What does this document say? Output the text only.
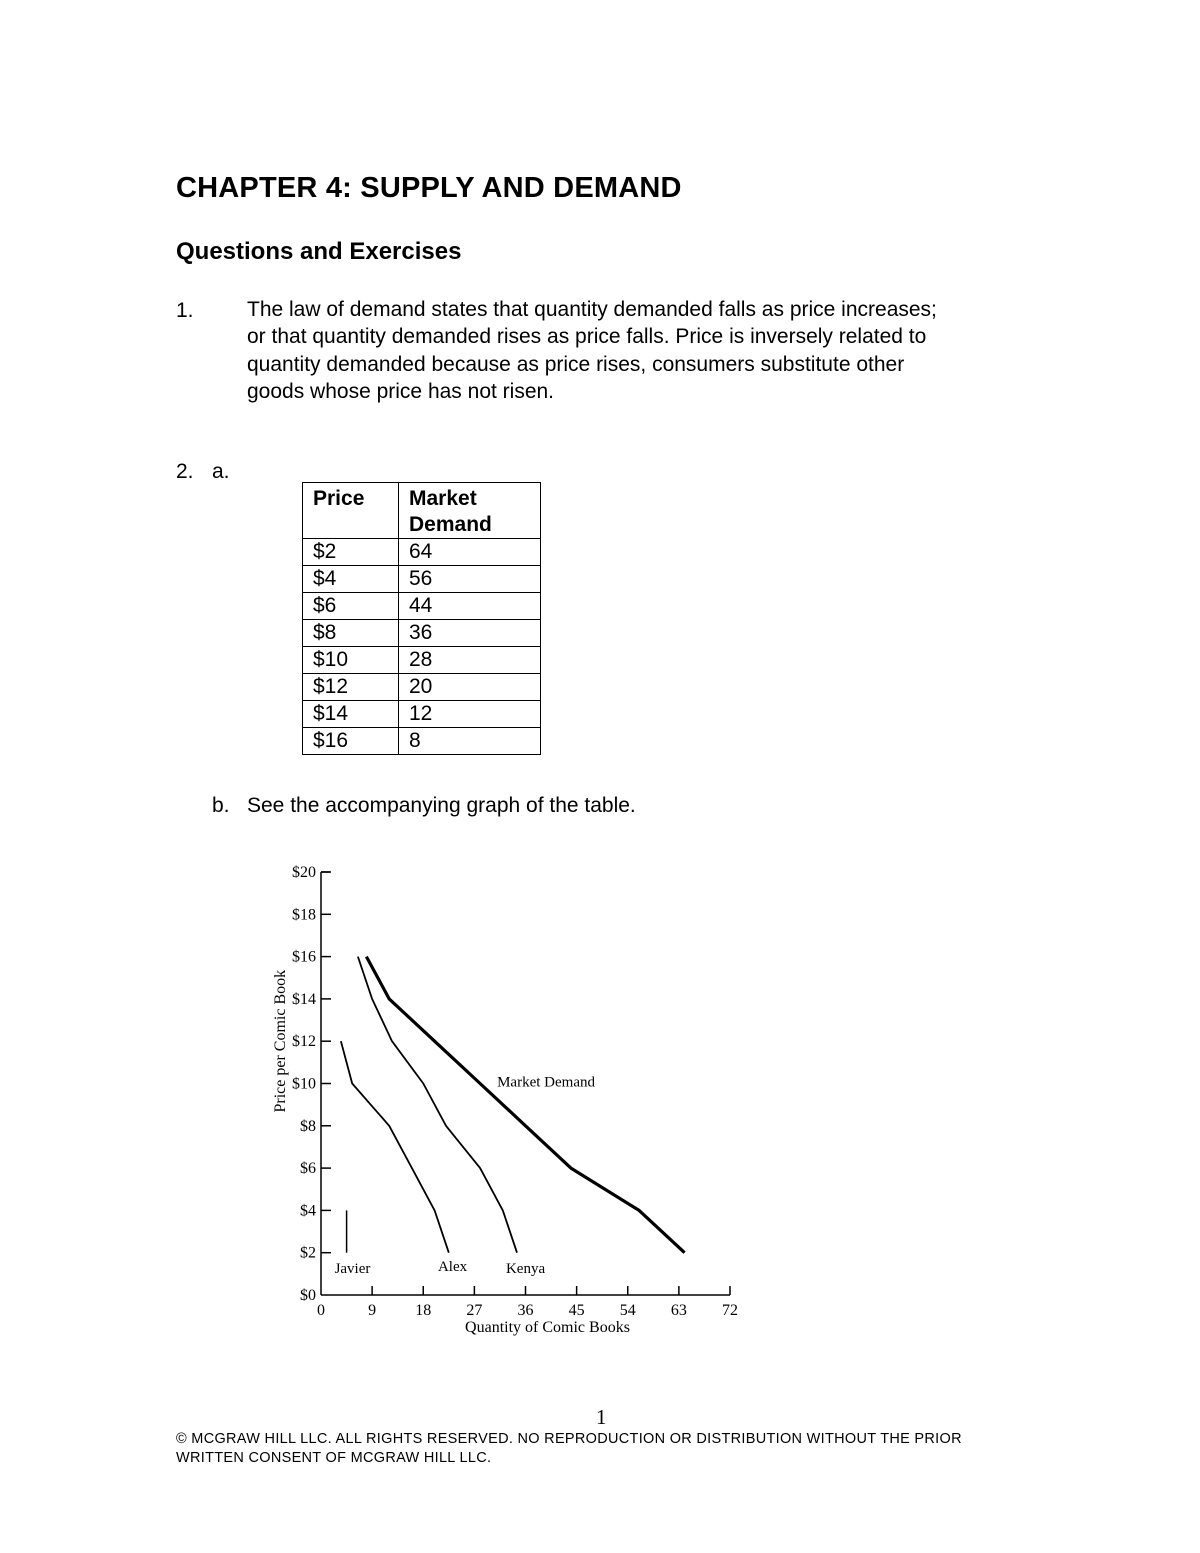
CHAPTER 4: SUPPLY AND DEMAND
Questions and Exercises
1.	The law of demand states that quantity demanded falls as price increases;
or that quantity demanded rises as price falls. Price is inversely related to
quantity demanded because as price rises, consumers substitute other
goods whose price has not risen.

2. a.
Price	Market Demand
$2	64
$4	56
$6	44
$8	36
$10	28
$12	20
$14	12
$16	8
b. See the accompanying graph of the table.
$0
$2
$4
$6
$8
$10
$12
$14
$16
$18
$20
0	9 18 27 36 45 54 63 72
Quantity of Comic Books
Price per Comic Book
Javier	Alex	Kenya
Market Demand
1

© MCGRAW HILL LLC. ALL RIGHTS RESERVED. NO REPRODUCTION OR DISTRIBUTION WITHOUT THE PRIOR
WRITTEN CONSENT OF MCGRAW HILL LLC.
